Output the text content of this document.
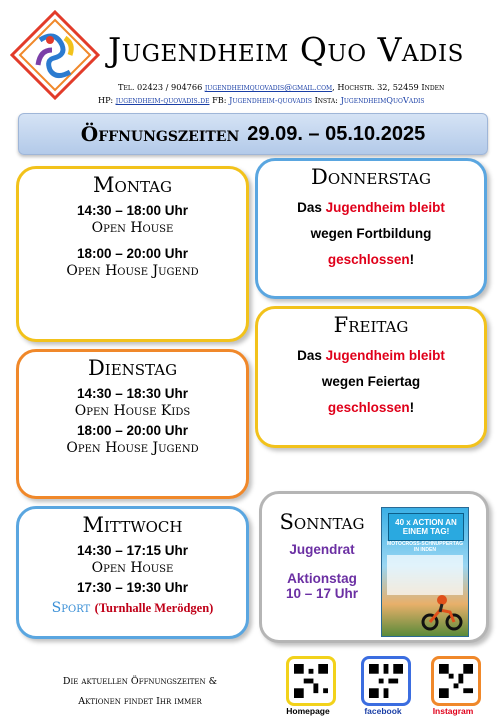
Jugendheim Quo Vadis
Tel. 02423 / 904766 jugendheimquovadis@gmail.com, Hochstr. 32, 52459 Inden
HP: jugendheim-quovadis.de FB: Jugendheim-quovadis Insta: JugendheimQuoVadis
Öffnungszeiten 29.09. – 05.10.2025
Montag
14:30 – 18:00 Uhr
Open House
18:00 – 20:00 Uhr
Open House Jugend
Dienstag
14:30 – 18:30 Uhr
Open House Kids
18:00 – 20:00 Uhr
Open House Jugend
Mittwoch
14:30 – 17:15 Uhr
Open House
17:30 – 19:30 Uhr
Sport (Turnhalle Merödgen)
Donnerstag
Das Jugendheim bleibt
wegen Fortbildung
geschlossen!
Freitag
Das Jugendheim bleibt
wegen Feiertag
geschlossen!
Sonntag
Jugendrat
Aktionstag
10 – 17 Uhr
40 x ACTION AN EINEM TAG!
MOTOCROSS-SCHNUPPERTAG IN INDEN
Die aktuellen Öffnungszeiten &
Aktionen findet Ihr immer
Homepage	facebook	Instagram
